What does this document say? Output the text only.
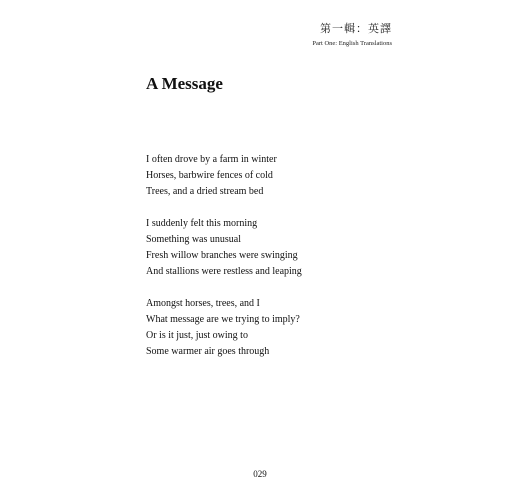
第一輯：英譯
Part One: English Translations
A Message
I often drove by a farm in winter
Horses, barbwire fences of cold
Trees, and a dried stream bed
I suddenly felt this morning
Something was unusual
Fresh willow branches were swinging
And stallions were restless and leaping
Amongst horses, trees, and I
What message are we trying to imply?
Or is it just, just owing to
Some warmer air goes through
029
